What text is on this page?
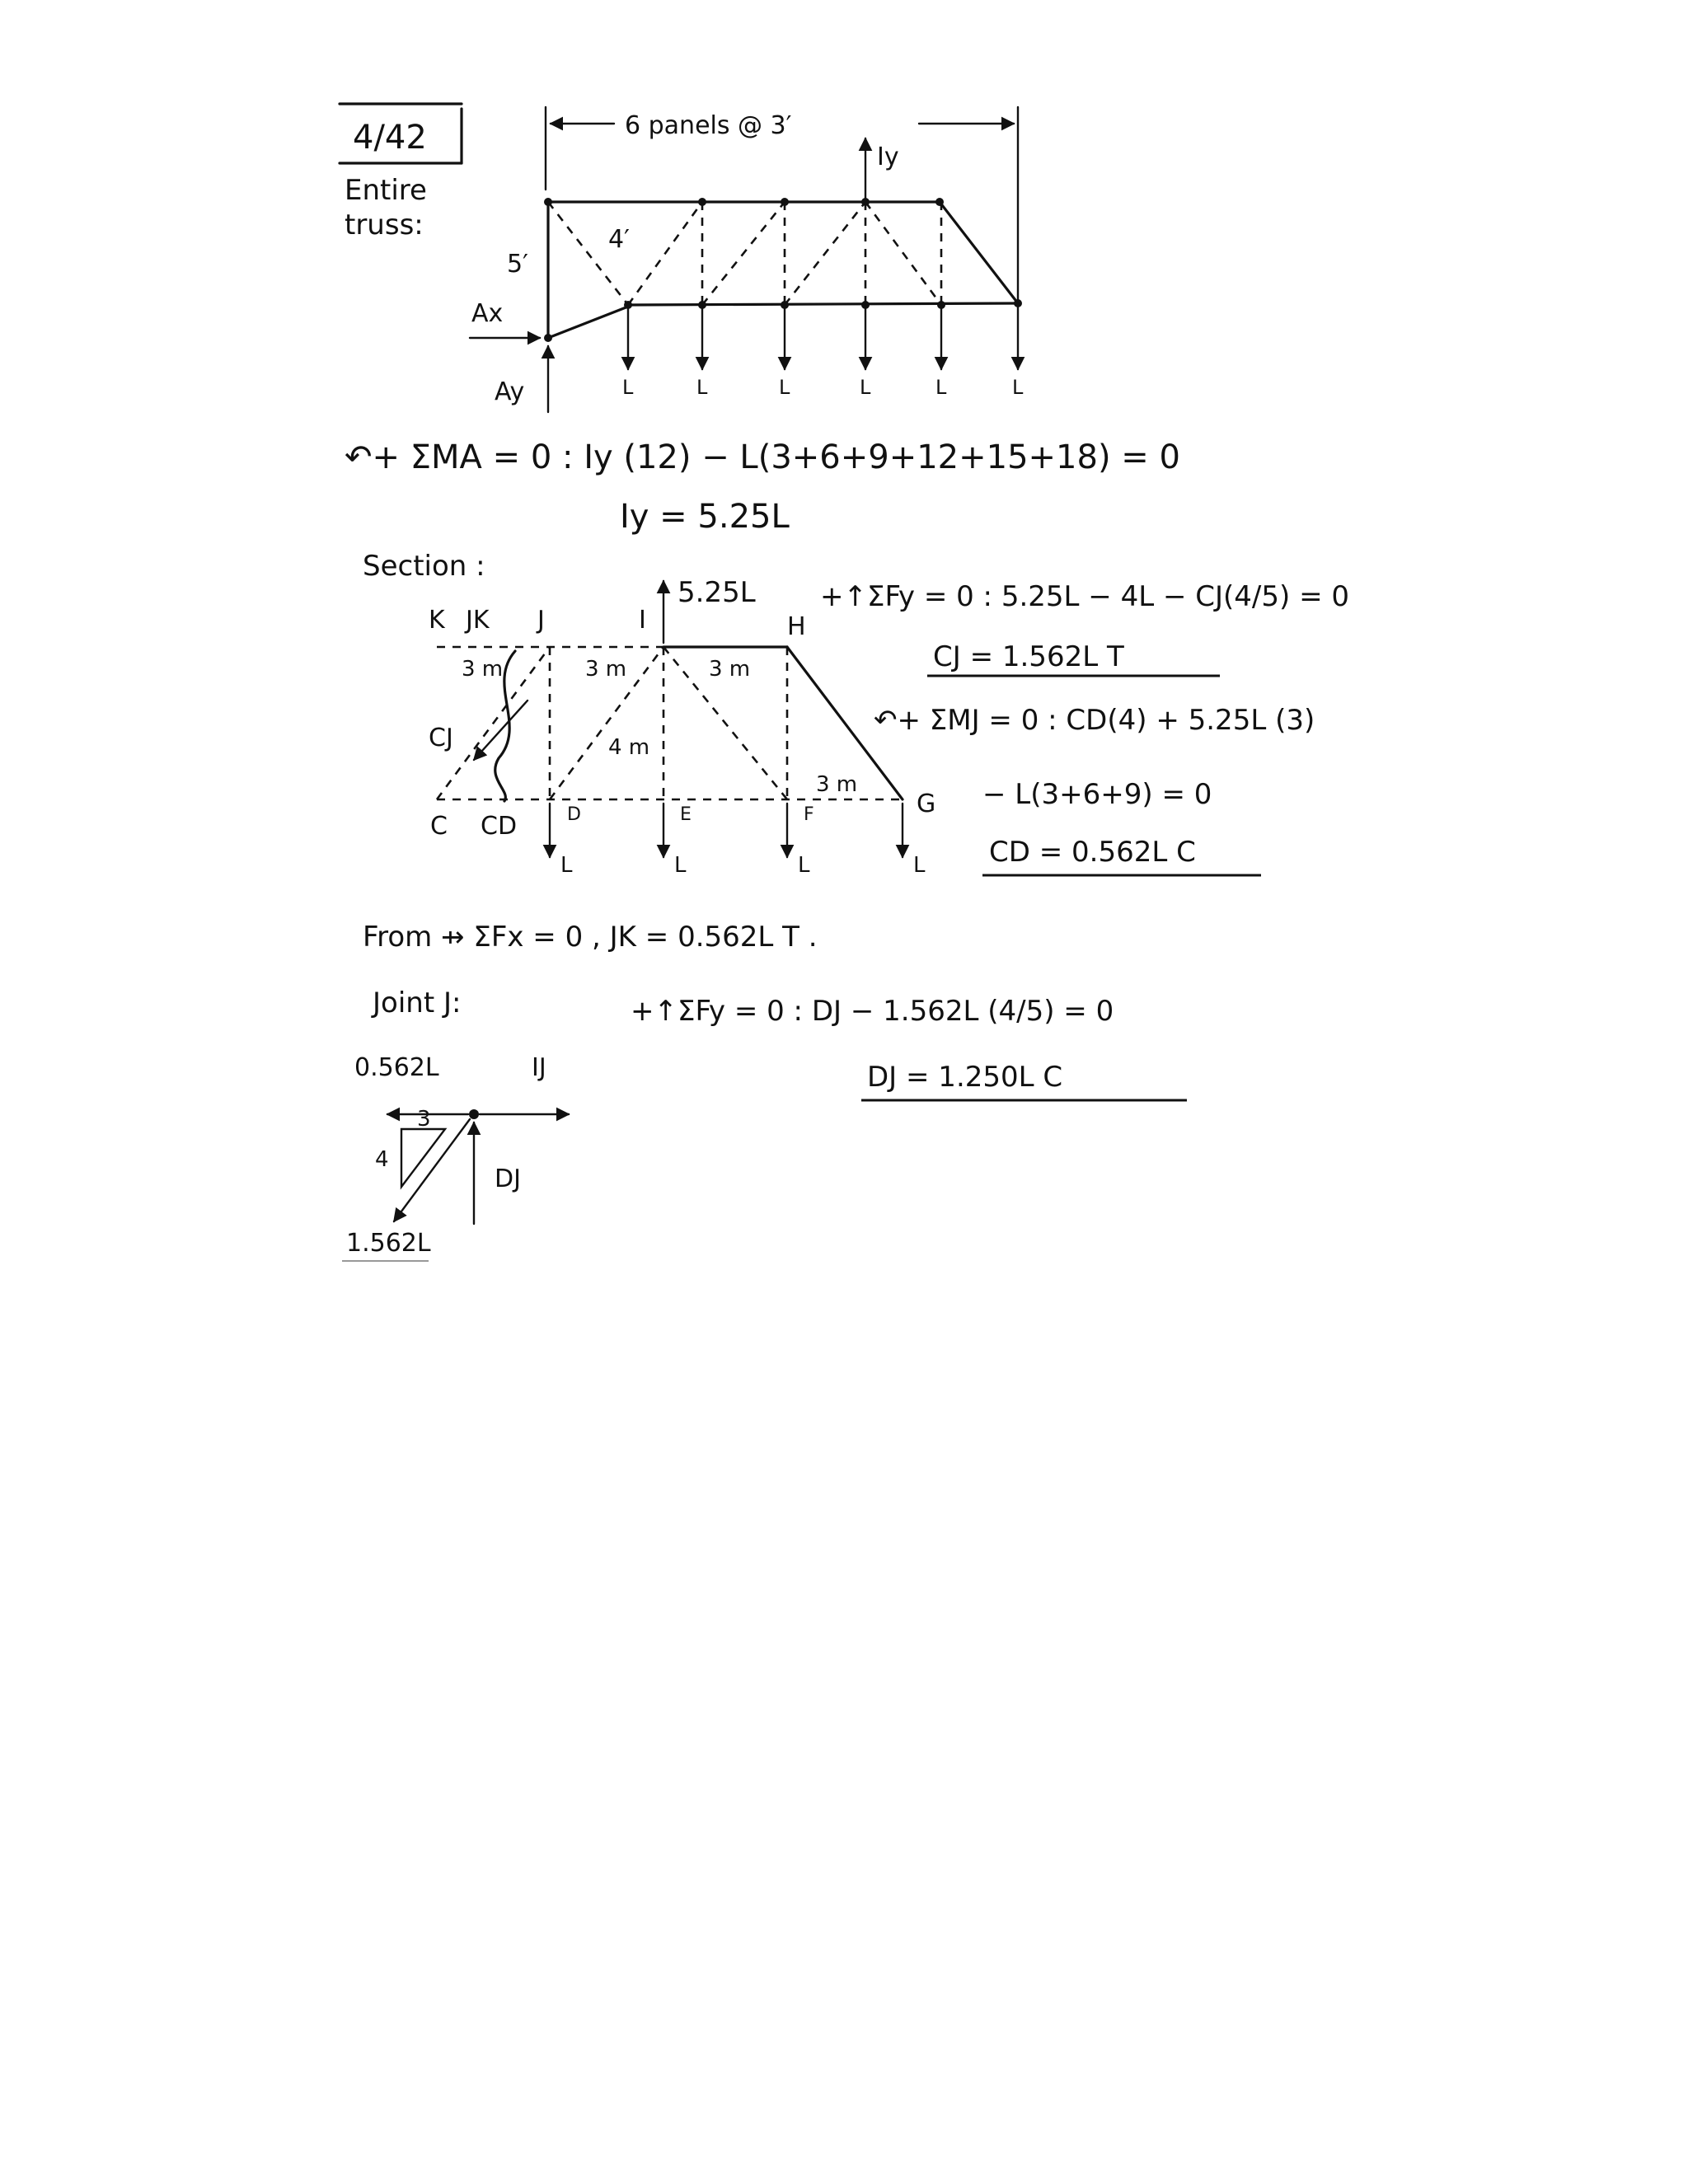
4/42
Entire
truss:
6 panels @ 3′
4′
5′
Iy
Ax
Ay	L	L	L	L	L	L
↶+ ΣMA = 0 : Iy (12) − L(3+6+9+12+15+18) = 0
Iy = 5.25L
Section :
5.25L
K JK J	I	H
C CD	D	E	F	G
3 m	3 m	3 m
4 m
3 m
CJ
L	L	L	L
+↑ΣFy = 0 : 5.25L − 4L − CJ(4/5) = 0
CJ = 1.562L T
↶+ ΣMJ = 0 : CD(4) + 5.25L (3)
− L(3+6+9) = 0
CD = 0.562L C
From ⇸ ΣFx = 0 , JK = 0.562L T .
Joint J:	+↑ΣFy = 0 : DJ − 1.562L (4/5) = 0
DJ = 1.250L C
0.562L	IJ
3
4
DJ
1.562L
